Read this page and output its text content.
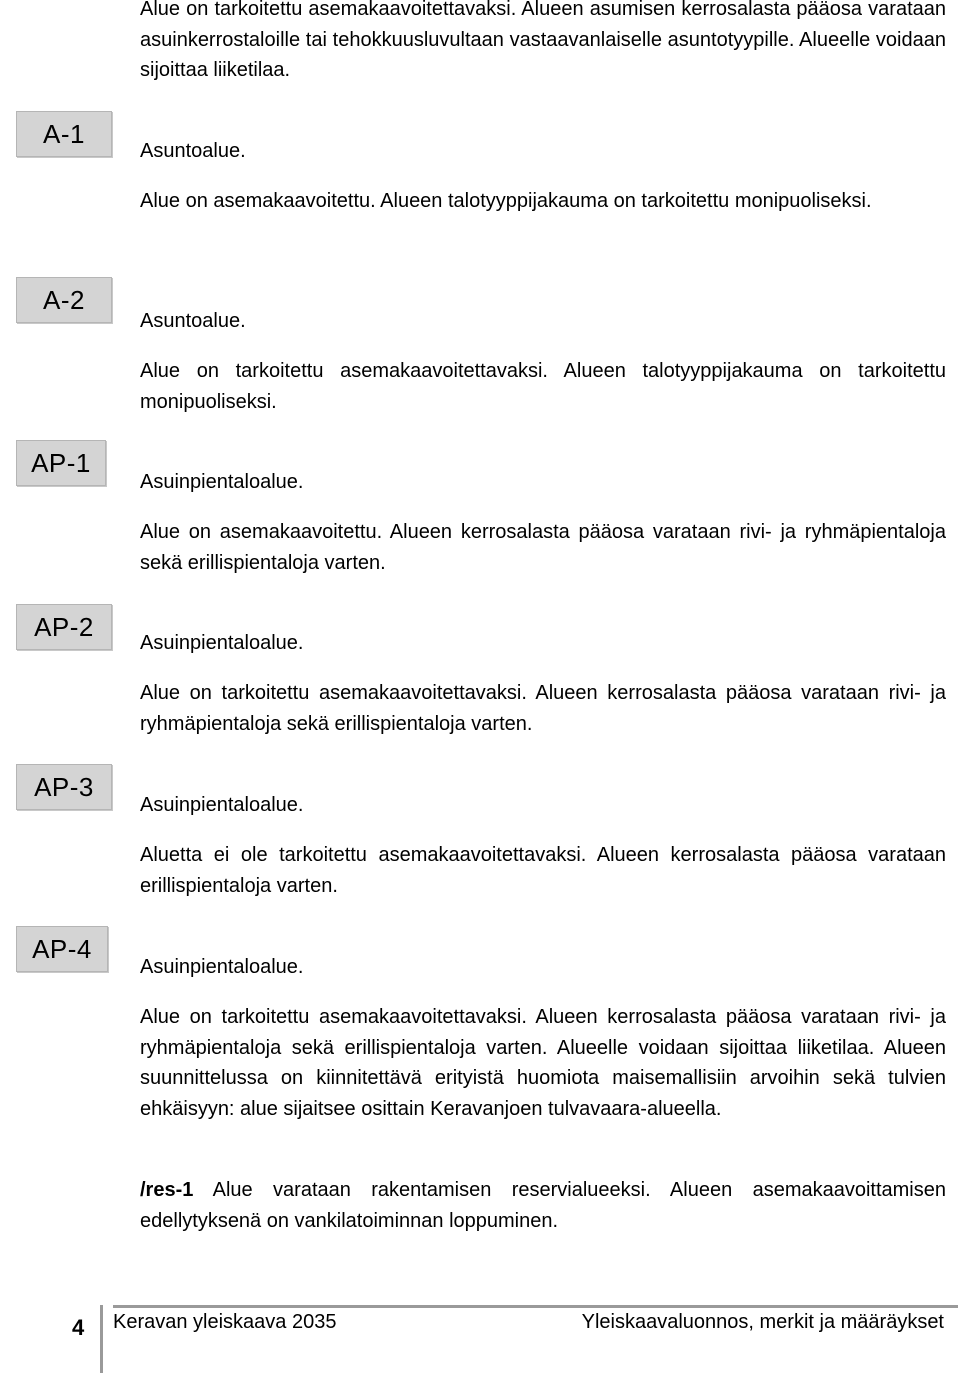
Alue on tarkoitettu asemakaavoitettavaksi. Alueen asumisen kerrosalasta pääosa varataan asuinkerrostaloille tai tehokkuusluvultaan vastaavanlaiselle asuntotyypille. Alueelle voidaan sijoittaa liiketilaa.

A-1

Asuntoalue.

Alue on asemakaavoitettu. Alueen talotyyppijakauma on tarkoitettu monipuoliseksi.

A-2

Asuntoalue.

Alue on tarkoitettu asemakaavoitettavaksi. Alueen talotyyppijakauma on tarkoitettu monipuoliseksi.

AP-1

Asuinpientaloalue.

Alue on asemakaavoitettu. Alueen kerrosalasta pääosa varataan rivi- ja ryhmäpientaloja sekä erillispientaloja varten.

AP-2

Asuinpientaloalue.

Alue on tarkoitettu asemakaavoitettavaksi. Alueen kerrosalasta pääosa varataan rivi- ja ryhmäpientaloja sekä erillispientaloja varten.

AP-3

Asuinpientaloalue.

Aluetta ei ole tarkoitettu asemakaavoitettavaksi. Alueen kerrosalasta pääosa varataan erillispientaloja varten.

AP-4

Asuinpientaloalue.

Alue on tarkoitettu asemakaavoitettavaksi. Alueen kerrosalasta pääosa varataan rivi- ja ryhmäpientaloja sekä erillispientaloja varten. Alueelle voidaan sijoittaa liiketilaa. Alueen suunnittelussa on kiinnitettävä erityistä huomiota maisemallisiin arvoihin sekä tulvien ehkäisyyn: alue sijaitsee osittain Keravanjoen tulvavaara-alueella.

/res-1 Alue varataan rakentamisen reservialueeksi. Alueen asemakaavoittamisen edellytyksenä on vankilatoiminnan loppuminen.

4 Keravan yleiskaava 2035	Yleiskaavaluonnos, merkit ja määräykset
